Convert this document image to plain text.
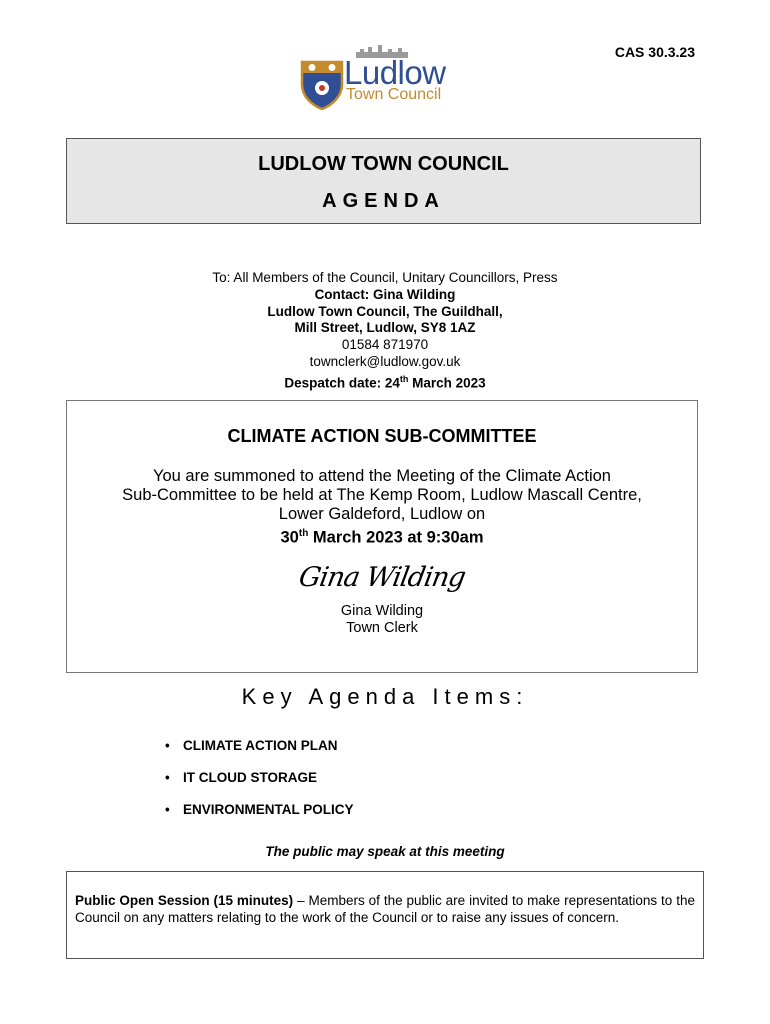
CAS 30.3.23
Ludlow
Town Council
LUDLOW TOWN COUNCIL
AGENDA
To: All Members of the Council, Unitary Councillors, Press
Contact: Gina Wilding
Ludlow Town Council, The Guildhall,
Mill Street, Ludlow, SY8 1AZ
01584 871970
townclerk@ludlow.gov.uk
Despatch date: 24th March 2023
CLIMATE ACTION SUB-COMMITTEE
You are summoned to attend the Meeting of the Climate Action
Sub-Committee to be held at The Kemp Room, Ludlow Mascall Centre,
Lower Galdeford, Ludlow on
30th March 2023 at 9:30am
Gina Wilding
Gina Wilding
Town Clerk
Key Agenda Items:
• CLIMATE ACTION PLAN
• IT CLOUD STORAGE
• ENVIRONMENTAL POLICY
The public may speak at this meeting
Public Open Session (15 minutes) – Members of the public are invited to make representations to the Council on any matters relating to the work of the Council or to raise any issues of concern.
